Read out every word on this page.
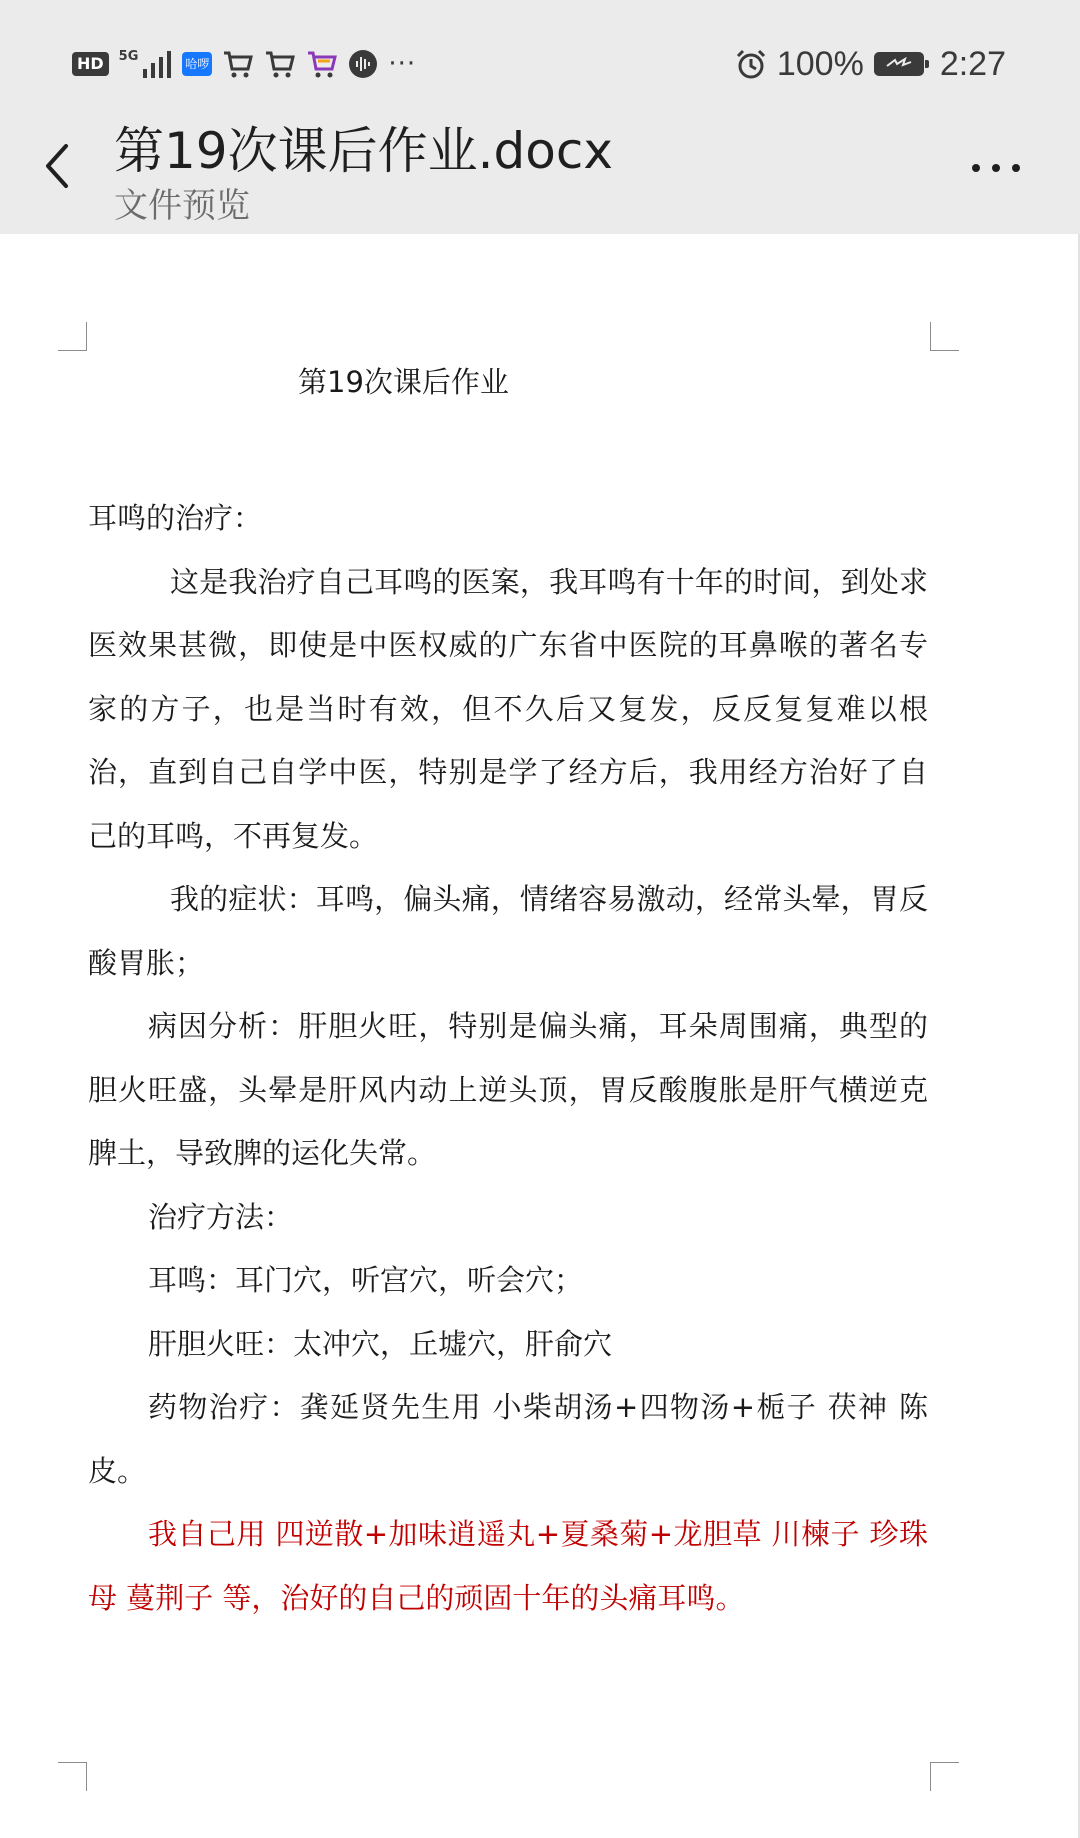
HD	5G
哈啰	···	100% 2:27
第19次课后作业.docx
文件预览
第19次课后作业

耳鸣的治疗：

这是我治疗自己耳鸣的医案，我耳鸣有十年的时间，到处求医效果甚微，即使是中医权威的广东省中医院的耳鼻喉的著名专家的方子，也是当时有效，但不久后又复发，反反复复难以根治，直到自己自学中医，特别是学了经方后，我用经方治好了自己的耳鸣，不再复发。

我的症状：耳鸣，偏头痛，情绪容易激动，经常头晕，胃反酸胃胀；

病因分析：肝胆火旺，特别是偏头痛，耳朵周围痛，典型的胆火旺盛，头晕是肝风内动上逆头顶，胃反酸腹胀是肝气横逆克脾土，导致脾的运化失常。

治疗方法：

耳鸣：耳门穴，听宫穴，听会穴；

肝胆火旺：太冲穴，丘墟穴，肝俞穴

药物治疗：龚延贤先生用 小柴胡汤+四物汤+栀子 茯神 陈皮。

我自己用 四逆散+加味逍遥丸+夏桑菊+龙胆草 川楝子 珍珠母 蔓荆子 等，治好的自己的顽固十年的头痛耳鸣。
